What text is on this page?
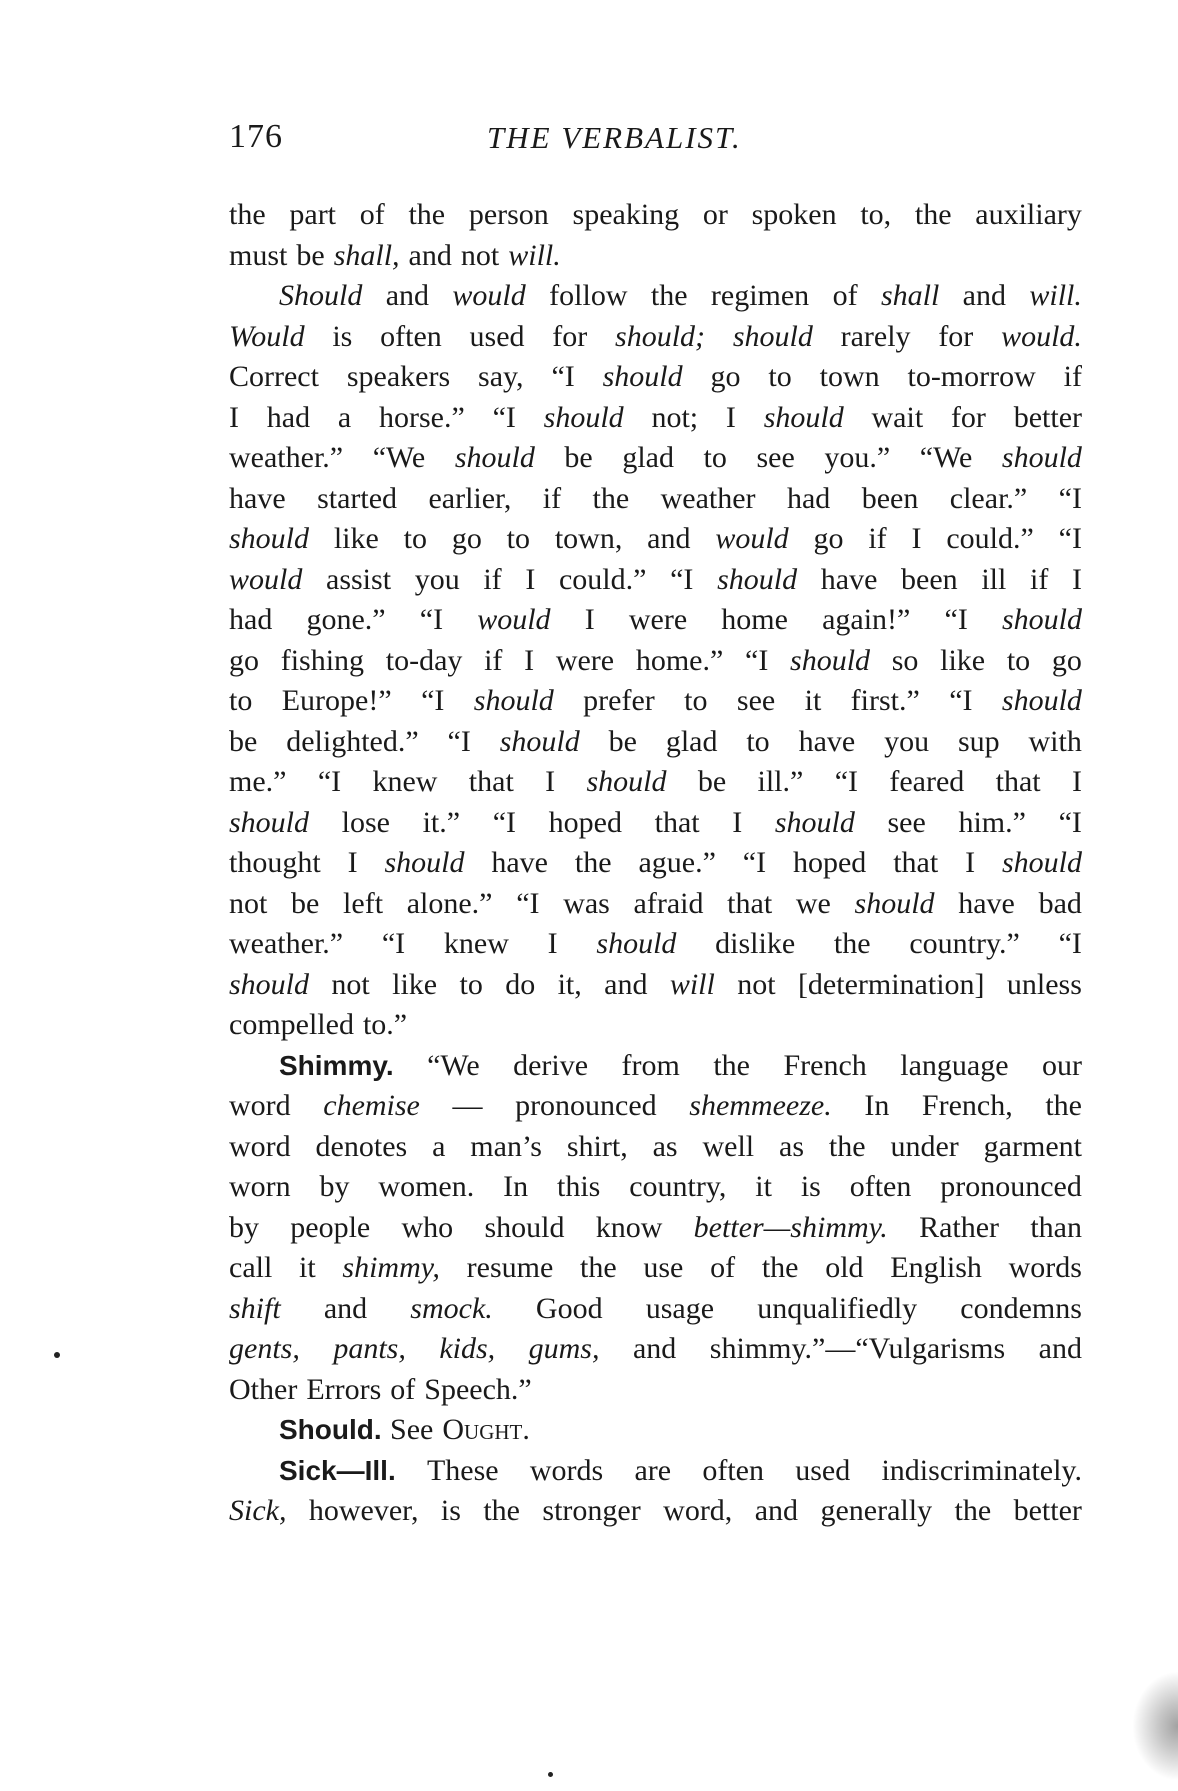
176	THE VERBALIST.
the part of the person speaking or spoken to, the auxiliary
must be shall, and not will.
Should and would follow the regimen of shall and will.
Would is often used for should; should rarely for would.
Correct speakers say, “I should go to town to-morrow if
I had a horse.” “I should not; I should wait for better
weather.” “We should be glad to see you.” “We should
have started earlier, if the weather had been clear.” “I
should like to go to town, and would go if I could.” “I
would assist you if I could.” “I should have been ill if I
had gone.” “I would I were home again!” “I should
go fishing to-day if I were home.” “I should so like to go
to Europe!” “I should prefer to see it first.” “I should
be delighted.” “I should be glad to have you sup with
me.” “I knew that I should be ill.” “I feared that I
should lose it.” “I hoped that I should see him.” “I
thought I should have the ague.” “I hoped that I should
not be left alone.” “I was afraid that we should have bad
weather.” “I knew I should dislike the country.” “I
should not like to do it, and will not [determination] unless
compelled to.”
Shimmy. “We derive from the French language our
word chemise — pronounced shemmeeze. In French, the
word denotes a man’s shirt, as well as the under garment
worn by women. In this country, it is often pronounced
by people who should know better—shimmy. Rather than
call it shimmy, resume the use of the old English words
shift and smock. Good usage unqualifiedly condemns
gents, pants, kids, gums, and shimmy.”—“Vulgarisms and
Other Errors of Speech.”
Should. See Ought.
Sick—Ill. These words are often used indiscriminately.
Sick, however, is the stronger word, and generally the better
